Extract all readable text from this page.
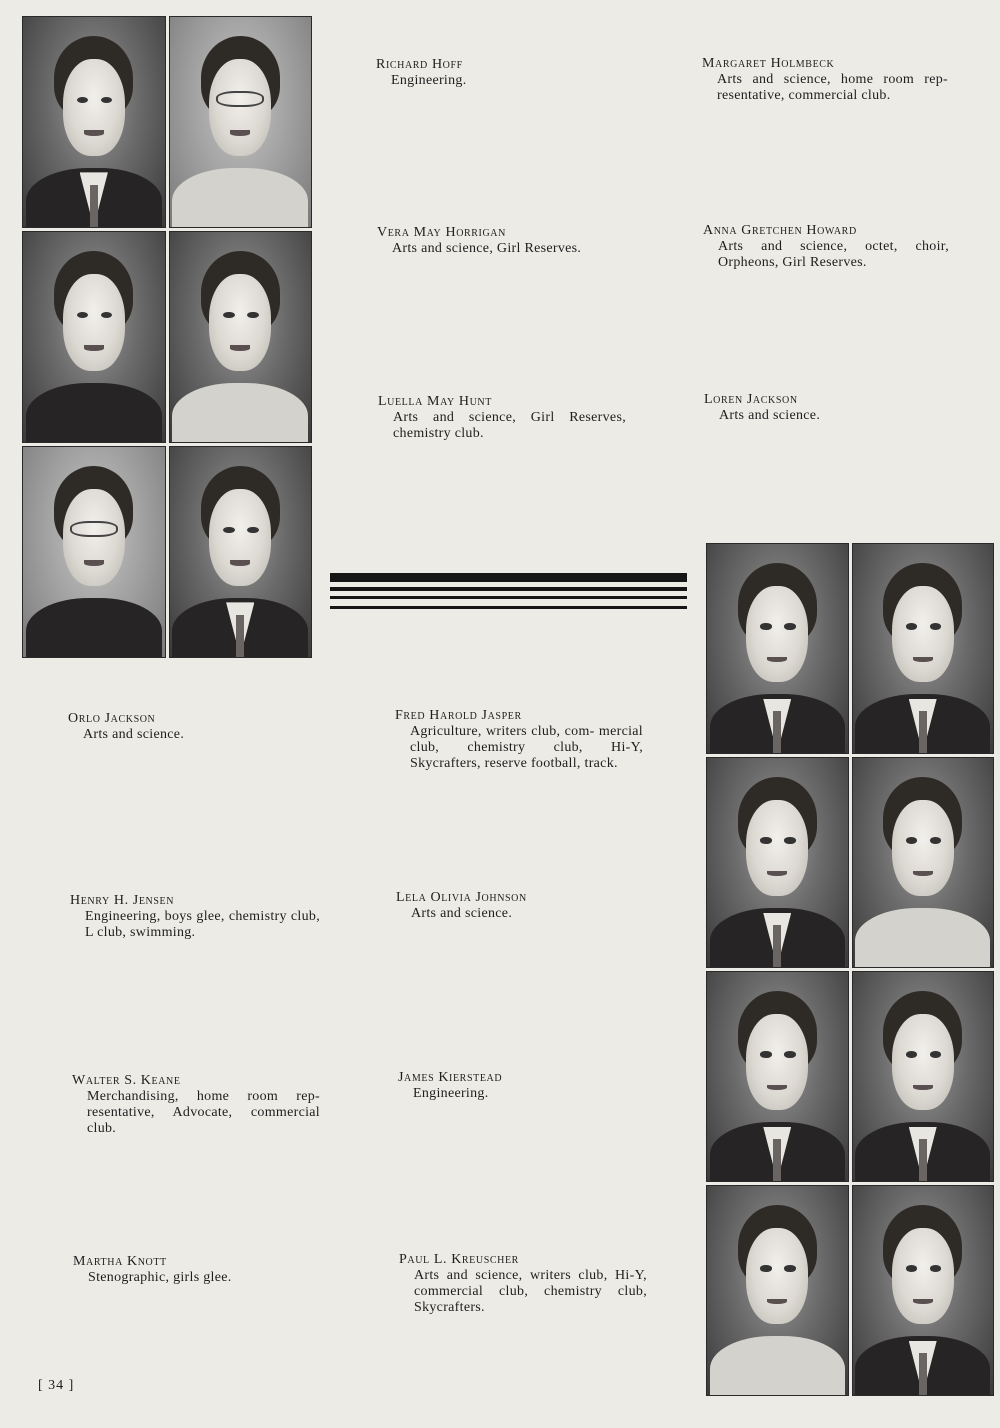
Richard Hoff
Engineering.
Margaret Holmbeck
Arts and science, home room rep- resentative, commercial club.
Vera May Horrigan
Arts and science, Girl Reserves.
Anna Gretchen Howard
Arts and science, octet, choir, Orpheons, Girl Reserves.
Luella May Hunt
Arts and science, Girl Reserves, chemistry club.
Loren Jackson
Arts and science.
Orlo Jackson
Arts and science.
Fred Harold Jasper
Agriculture, writers club, com- mercial club, chemistry club, Hi-Y, Skycrafters, reserve football, track.
Henry H. Jensen
Engineering, boys glee, chemistry club, L club, swimming.
Lela Olivia Johnson
Arts and science.
Walter S. Keane
Merchandising, home room rep- resentative, Advocate, commercial club.
James Kierstead
Engineering.
Martha Knott
Stenographic, girls glee.
Paul L. Kreuscher
Arts and science, writers club, Hi-Y, commercial club, chemistry club, Skycrafters.
[ 34 ]
